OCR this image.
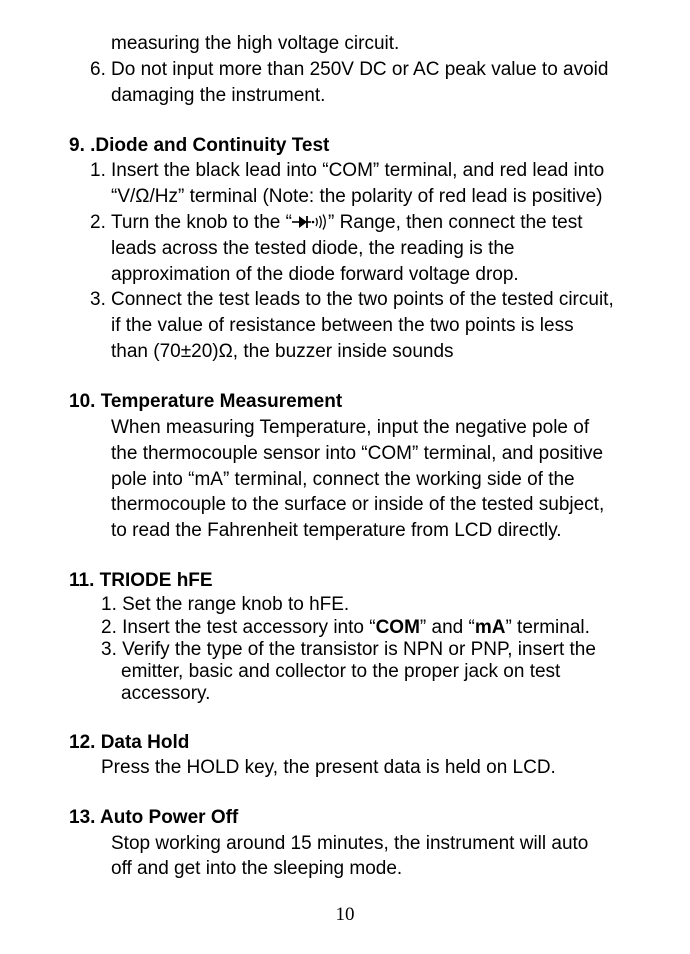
measuring the high voltage circuit.
6. Do not input more than 250V DC or AC peak value to avoid
damaging the instrument.
9. .Diode and Continuity Test
1. Insert the black lead into “COM” terminal, and red lead into
“V/Ω/Hz” terminal (Note: the polarity of red lead is positive)
2. Turn the knob to the “ ” Range, then connect the test
leads across the tested diode, the reading is the
approximation of the diode forward voltage drop.
3. Connect the test leads to the two points of the tested circuit,
if the value of resistance between the two points is less
than (70±20)Ω, the buzzer inside sounds
10. Temperature Measurement
When measuring Temperature, input the negative pole of
the thermocouple sensor into “COM” terminal, and positive
pole into “mA” terminal, connect the working side of the
thermocouple to the surface or inside of the tested subject,
to read the Fahrenheit temperature from LCD directly.
11. TRIODE hFE
1. Set the range knob to hFE.
2. Insert the test accessory into “COM” and “mA” terminal.
3. Verify the type of the transistor is NPN or PNP, insert the
emitter, basic and collector to the proper jack on test
accessory.
12. Data Hold
Press the HOLD key, the present data is held on LCD.
13. Auto Power Off
Stop working around 15 minutes, the instrument will auto
off and get into the sleeping mode.
10
